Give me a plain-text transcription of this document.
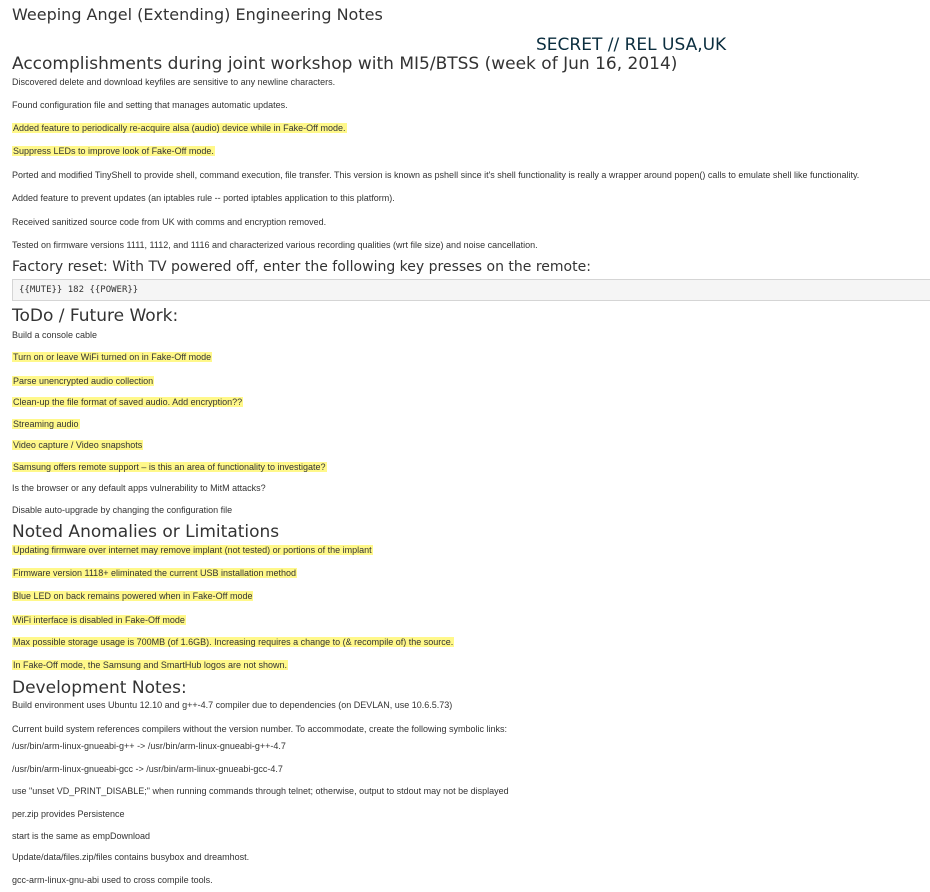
Weeping Angel (Extending) Engineering Notes
SECRET // REL USA,UK
Accomplishments during joint workshop with MI5/BTSS (week of Jun 16, 2014)
Discovered delete and download keyfiles are sensitive to any newline characters.
Found configuration file and setting that manages automatic updates.
Added feature to periodically re-acquire alsa (audio) device while in Fake-Off mode.
Suppress LEDs to improve look of Fake-Off mode.
Ported and modified TinyShell to provide shell, command execution, file transfer. This version is known as pshell since it's shell functionality is really a wrapper around popen() calls to emulate shell like functionality.
Added feature to prevent updates (an iptables rule -- ported iptables application to this platform).
Received sanitized source code from UK with comms and encryption removed.
Tested on firmware versions 1111, 1112, and 1116 and characterized various recording qualities (wrt file size) and noise cancellation.
Factory reset: With TV powered off, enter the following key presses on the remote:
{{MUTE}} 182 {{POWER}}
ToDo / Future Work:
Build a console cable
Turn on or leave WiFi turned on in Fake-Off mode
Parse unencrypted audio collection
Clean-up the file format of saved audio. Add encryption??
Streaming audio
Video capture / Video snapshots
Samsung offers remote support – is this an area of functionality to investigate?
Is the browser or any default apps vulnerability to MitM attacks?
Disable auto-upgrade by changing the configuration file
Noted Anomalies or Limitations
Updating firmware over internet may remove implant (not tested) or portions of the implant
Firmware version 1118+ eliminated the current USB installation method
Blue LED on back remains powered when in Fake-Off mode
WiFi interface is disabled in Fake-Off mode
Max possible storage usage is 700MB (of 1.6GB). Increasing requires a change to (& recompile of) the source.
In Fake-Off mode, the Samsung and SmartHub logos are not shown.
Development Notes:
Build environment uses Ubuntu 12.10 and g++-4.7 compiler due to dependencies (on DEVLAN, use 10.6.5.73)
Current build system references compilers without the version number. To accommodate, create the following symbolic links:
/usr/bin/arm-linux-gnueabi-g++ -> /usr/bin/arm-linux-gnueabi-g++-4.7
/usr/bin/arm-linux-gnueabi-gcc -> /usr/bin/arm-linux-gnueabi-gcc-4.7
use "unset VD_PRINT_DISABLE;" when running commands through telnet; otherwise, output to stdout may not be displayed
per.zip provides Persistence
start is the same as empDownload
Update/data/files.zip/files contains busybox and dreamhost.
gcc-arm-linux-gnu-abi used to cross compile tools.
